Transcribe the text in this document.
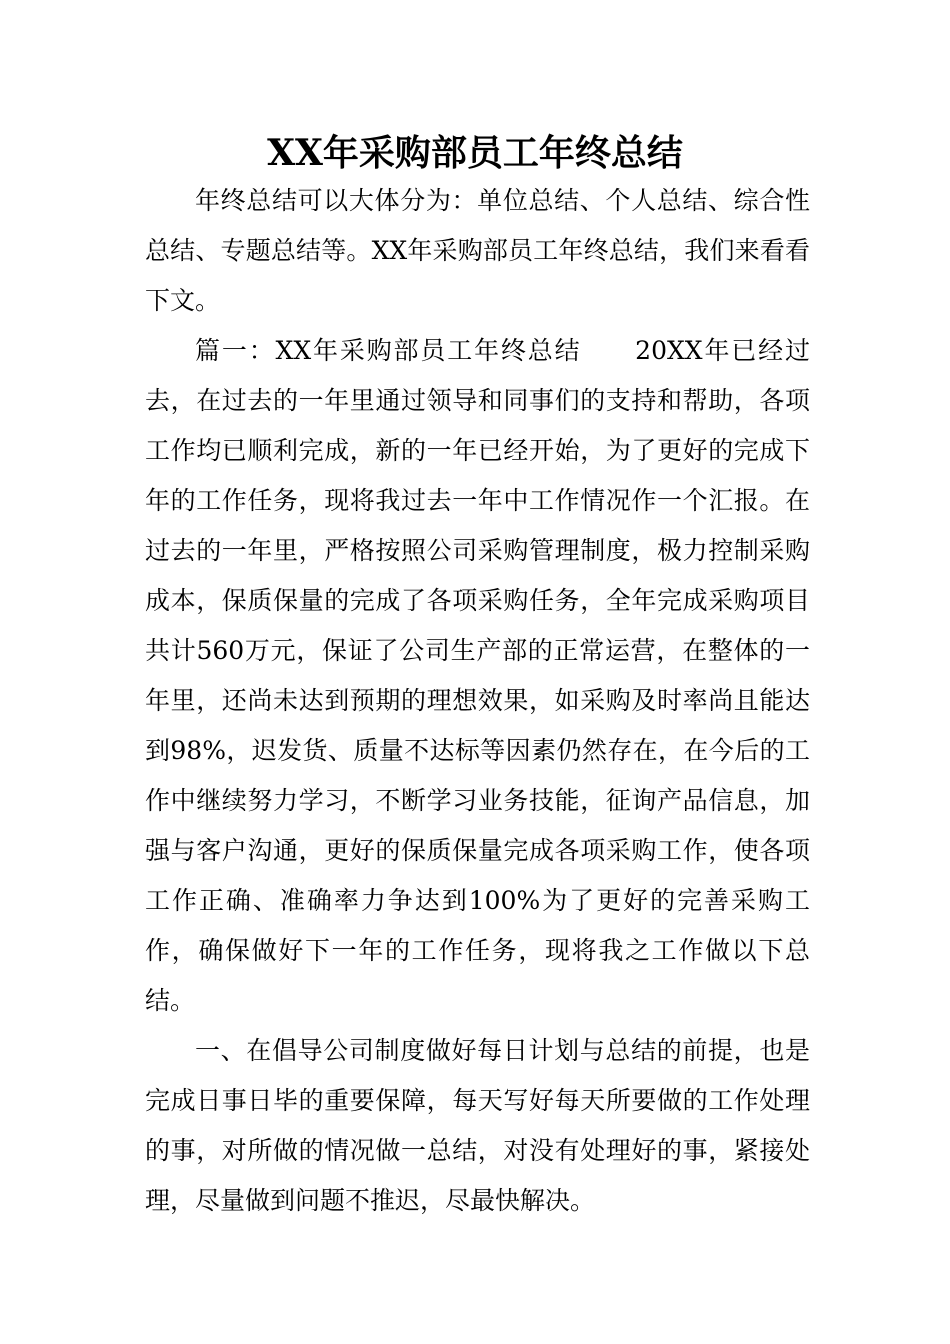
XX年采购部员工年终总结

年终总结可以大体分为：单位总结、个人总结、综合性总结、专题总结等。XX年采购部员工年终总结，我们来看看下文。

篇一：XX年采购部员工年终总结　　20XX年已经过去，在过去的一年里通过领导和同事们的支持和帮助，各项工作均已顺利完成，新的一年已经开始，为了更好的完成下年的工作任务，现将我过去一年中工作情况作一个汇报。在过去的一年里，严格按照公司采购管理制度，极力控制采购成本，保质保量的完成了各项采购任务，全年完成采购项目共计560万元，保证了公司生产部的正常运营，在整体的一年里，还尚未达到预期的理想效果，如采购及时率尚且能达到98%，迟发货、质量不达标等因素仍然存在，在今后的工作中继续努力学习，不断学习业务技能，征询产品信息，加强与客户沟通，更好的保质保量完成各项采购工作，使各项工作正确、准确率力争达到100%为了更好的完善采购工作，确保做好下一年的工作任务，现将我之工作做以下总结。

一、在倡导公司制度做好每日计划与总结的前提，也是完成日事日毕的重要保障，每天写好每天所要做的工作处理的事，对所做的情况做一总结，对没有处理好的事，紧接处理，尽量做到问题不推迟，尽最快解决。
